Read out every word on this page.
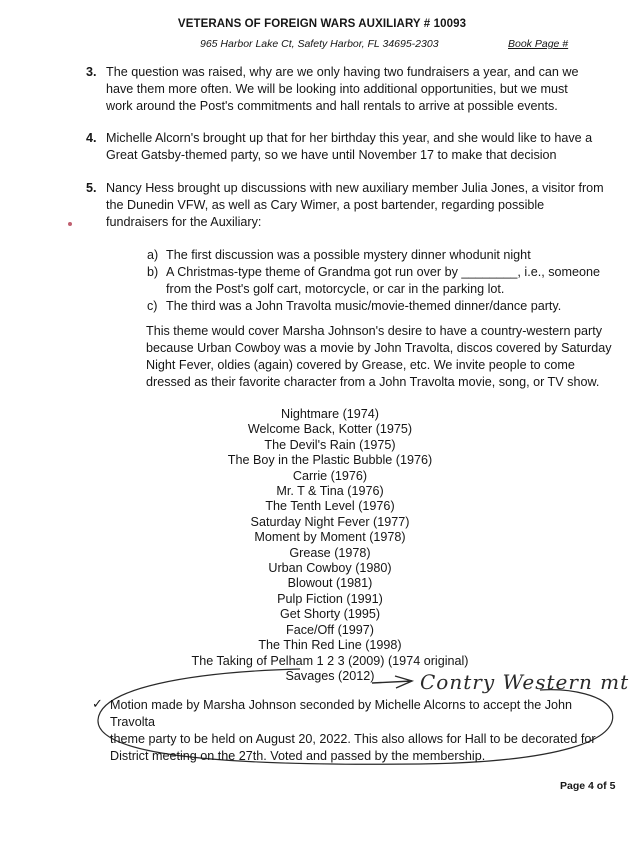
VETERANS OF FOREIGN WARS AUXILIARY # 10093
965 Harbor Lake Ct, Safety Harbor, FL 34695-2303	Book Page #
3. The question was raised, why are we only having two fundraisers a year, and can we
have them more often. We will be looking into additional opportunities, but we must
work around the Post's commitments and hall rentals to arrive at possible events.
4. Michelle Alcorn's brought up that for her birthday this year, and she would like to have a
Great Gatsby-themed party, so we have until November 17 to make that decision
5. Nancy Hess brought up discussions with new auxiliary member Julia Jones, a visitor from
the Dunedin VFW, as well as Cary Wimer, a post bartender, regarding possible
fundraisers for the Auxiliary:
a) The first discussion was a possible mystery dinner whodunit night
b) A Christmas-type theme of Grandma got run over by ________, i.e., someone
from the Post's golf cart, motorcycle, or car in the parking lot.
c) The third was a John Travolta music/movie-themed dinner/dance party.
This theme would cover Marsha Johnson's desire to have a country-western party
because Urban Cowboy was a movie by John Travolta, discos covered by Saturday
Night Fever, oldies (again) covered by Grease, etc. We invite people to come
dressed as their favorite character from a John Travolta movie, song, or TV show.
Nightmare (1974)
Welcome Back, Kotter (1975)
The Devil's Rain (1975)
The Boy in the Plastic Bubble (1976)
Carrie (1976)
Mr. T & Tina (1976)
The Tenth Level (1976)
Saturday Night Fever (1977)
Moment by Moment (1978)
Grease (1978)
Urban Cowboy (1980)
Blowout (1981)
Pulp Fiction (1991)
Get Shorty (1995)
Face/Off (1997)
The Thin Red Line (1998)
The Taking of Pelham 1 2 3 (2009) (1974 original)
Savages (2012)	Contry Western mt
✓ Motion made by Marsha Johnson seconded by Michelle Alcorns to accept the John Travolta
theme party to be held on August 20, 2022. This also allows for Hall to be decorated for
District meeting on the 27th. Voted and passed by the membership.
Page 4 of 5
